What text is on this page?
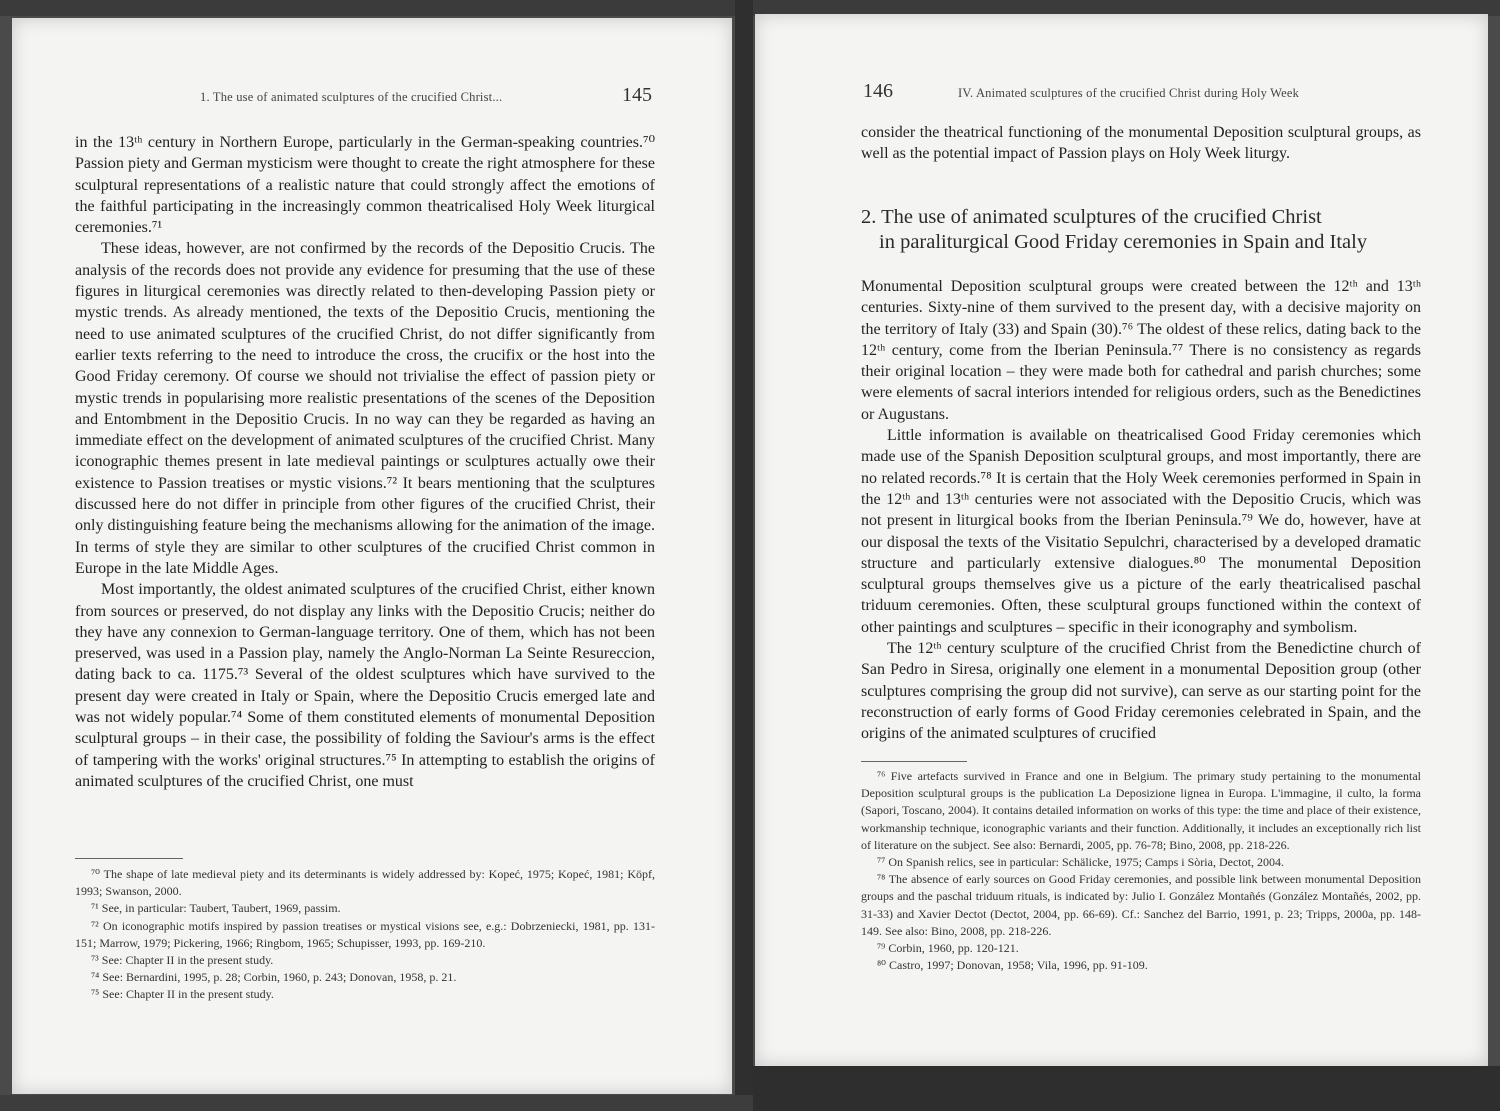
1. The use of animated sculptures of the crucified Christ...	145

in the 13ᵗʰ century in Northern Europe, particularly in the German-speaking countries.⁷⁰ Passion piety and German mysticism were thought to create the right atmosphere for these sculptural representations of a realistic nature that could strongly affect the emotions of the faithful participating in the increasingly common theatricalised Holy Week liturgical ceremonies.⁷¹

These ideas, however, are not confirmed by the records of the Depositio Crucis. The analysis of the records does not provide any evidence for presuming that the use of these figures in liturgical ceremonies was directly related to then-developing Passion piety or mystic trends. As already mentioned, the texts of the Depositio Crucis, mentioning the need to use animated sculptures of the crucified Christ, do not differ significantly from earlier texts referring to the need to introduce the cross, the crucifix or the host into the Good Friday ceremony. Of course we should not trivialise the effect of passion piety or mystic trends in popularising more realistic presentations of the scenes of the Deposition and Entombment in the Depositio Crucis. In no way can they be regarded as having an immediate effect on the development of animated sculptures of the crucified Christ. Many iconographic themes present in late medieval paintings or sculptures actually owe their existence to Passion treatises or mystic visions.⁷² It bears mentioning that the sculptures discussed here do not differ in principle from other figures of the crucified Christ, their only distinguishing feature being the mechanisms allowing for the animation of the image. In terms of style they are similar to other sculptures of the crucified Christ common in Europe in the late Middle Ages.

Most importantly, the oldest animated sculptures of the crucified Christ, either known from sources or preserved, do not display any links with the Depositio Crucis; neither do they have any connexion to German-language territory. One of them, which has not been preserved, was used in a Passion play, namely the Anglo-Norman La Seinte Resureccion, dating back to ca. 1175.⁷³ Several of the oldest sculptures which have survived to the present day were created in Italy or Spain, where the Depositio Crucis emerged late and was not widely popular.⁷⁴ Some of them constituted elements of monumental Deposition sculptural groups – in their case, the possibility of folding the Saviour's arms is the effect of tampering with the works' original structures.⁷⁵ In attempting to establish the origins of animated sculptures of the crucified Christ, one must

⁷⁰ The shape of late medieval piety and its determinants is widely addressed by: Kopeć, 1975; Kopeć, 1981; Köpf, 1993; Swanson, 2000.

⁷¹ See, in particular: Taubert, Taubert, 1969, passim.

⁷² On iconographic motifs inspired by passion treatises or mystical visions see, e.g.: Dobrzeniecki, 1981, pp. 131-151; Marrow, 1979; Pickering, 1966; Ringbom, 1965; Schupisser, 1993, pp. 169-210.

⁷³ See: Chapter II in the present study.

⁷⁴ See: Bernardini, 1995, p. 28; Corbin, 1960, p. 243; Donovan, 1958, p. 21.

⁷⁵ See: Chapter II in the present study.

146	IV. Animated sculptures of the crucified Christ during Holy Week

consider the theatrical functioning of the monumental Deposition sculptural groups, as well as the potential impact of Passion plays on Holy Week liturgy.

2. The use of animated sculptures of the crucified Christ
in paraliturgical Good Friday ceremonies in Spain and Italy

Monumental Deposition sculptural groups were created between the 12ᵗʰ and 13ᵗʰ centuries. Sixty-nine of them survived to the present day, with a decisive majority on the territory of Italy (33) and Spain (30).⁷⁶ The oldest of these relics, dating back to the 12ᵗʰ century, come from the Iberian Peninsula.⁷⁷ There is no consistency as regards their original location – they were made both for cathedral and parish churches; some were elements of sacral interiors intended for religious orders, such as the Benedictines or Augustans.

Little information is available on theatricalised Good Friday ceremonies which made use of the Spanish Deposition sculptural groups, and most importantly, there are no related records.⁷⁸ It is certain that the Holy Week ceremonies performed in Spain in the 12ᵗʰ and 13ᵗʰ centuries were not associated with the Depositio Crucis, which was not present in liturgical books from the Iberian Peninsula.⁷⁹ We do, however, have at our disposal the texts of the Visitatio Sepulchri, characterised by a developed dramatic structure and particularly extensive dialogues.⁸⁰ The monumental Deposition sculptural groups themselves give us a picture of the early theatricalised paschal triduum ceremonies. Often, these sculptural groups functioned within the context of other paintings and sculptures – specific in their iconography and symbolism.

The 12ᵗʰ century sculpture of the crucified Christ from the Benedictine church of San Pedro in Siresa, originally one element in a monumental Deposition group (other sculptures comprising the group did not survive), can serve as our starting point for the reconstruction of early forms of Good Friday ceremonies celebrated in Spain, and the origins of the animated sculptures of crucified

⁷⁶ Five artefacts survived in France and one in Belgium. The primary study pertaining to the monumental Deposition sculptural groups is the publication La Deposizione lignea in Europa. L'immagine, il culto, la forma (Sapori, Toscano, 2004). It contains detailed information on works of this type: the time and place of their existence, workmanship technique, iconographic variants and their function. Additionally, it includes an exceptionally rich list of literature on the subject. See also: Bernardi, 2005, pp. 76-78; Bino, 2008, pp. 218-226.

⁷⁷ On Spanish relics, see in particular: Schälicke, 1975; Camps i Sòria, Dectot, 2004.

⁷⁸ The absence of early sources on Good Friday ceremonies, and possible link between monumental Deposition groups and the paschal triduum rituals, is indicated by: Julio I. González Montañés (González Montañés, 2002, pp. 31-33) and Xavier Dectot (Dectot, 2004, pp. 66-69). Cf.: Sanchez del Barrio, 1991, p. 23; Tripps, 2000a, pp. 148-149. See also: Bino, 2008, pp. 218-226.

⁷⁹ Corbin, 1960, pp. 120-121.

⁸⁰ Castro, 1997; Donovan, 1958; Vila, 1996, pp. 91-109.
